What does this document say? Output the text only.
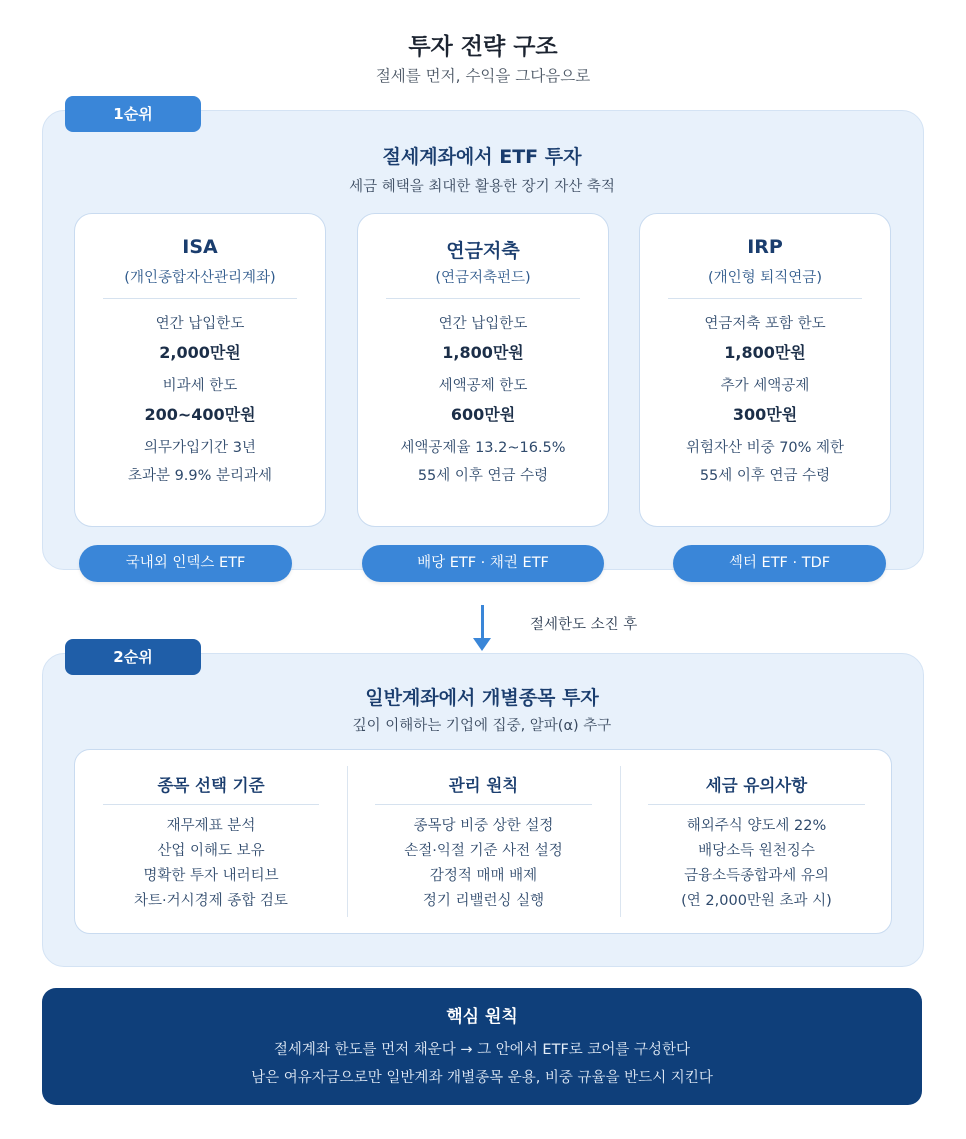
투자 전략 구조
절세를 먼저, 수익을 그다음으로
1순위
절세계좌에서 ETF 투자
세금 혜택을 최대한 활용한 장기 자산 축적
ISA
(개인종합자산관리계좌)
연간 납입한도
2,000만원
비과세 한도
200~400만원
의무가입기간 3년
초과분 9.9% 분리과세
연금저축
(연금저축펀드)
연간 납입한도
1,800만원
세액공제 한도
600만원
세액공제율 13.2~16.5%
55세 이후 연금 수령
IRP
(개인형 퇴직연금)
연금저축 포함 한도
1,800만원
추가 세액공제
300만원
위험자산 비중 70% 제한
55세 이후 연금 수령
국내외 인덱스 ETF	배당 ETF · 채권 ETF	섹터 ETF · TDF
절세한도 소진 후
2순위
일반계좌에서 개별종목 투자
깊이 이해하는 기업에 집중, 알파(α) 추구
종목 선택 기준
재무제표 분석
산업 이해도 보유
명확한 투자 내러티브
차트·거시경제 종합 검토
관리 원칙
종목당 비중 상한 설정
손절·익절 기준 사전 설정
감정적 매매 배제
정기 리밸런싱 실행
세금 유의사항
해외주식 양도세 22%
배당소득 원천징수
금융소득종합과세 유의
(연 2,000만원 초과 시)
핵심 원칙
절세계좌 한도를 먼저 채운다 → 그 안에서 ETF로 코어를 구성한다
남은 여유자금으로만 일반계좌 개별종목 운용, 비중 규율을 반드시 지킨다
